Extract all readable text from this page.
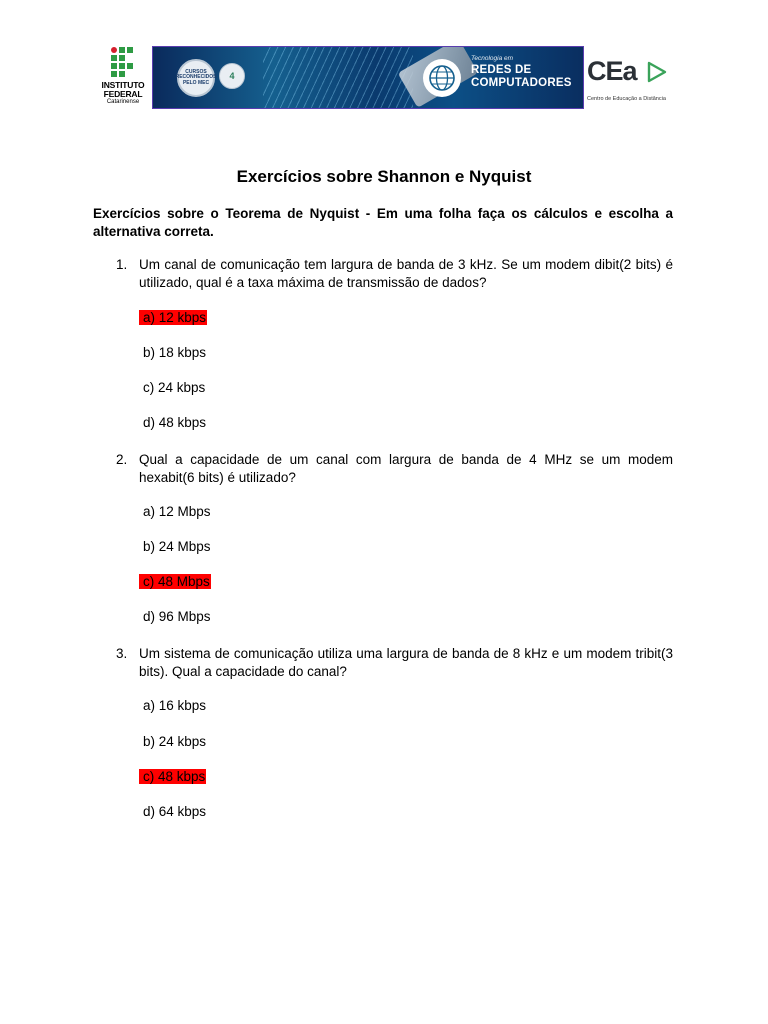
INSTITUTO
FEDERAL
Catarinense
CURSOS RECONHECIDOS PELO MEC
4
Tecnologia em
REDES DE
COMPUTADORES CEa
Centro de Educação a Distância
Exercícios sobre Shannon e Nyquist

Exercícios sobre o Teorema de Nyquist - Em uma folha faça os cálculos e escolha a alternativa correta.

1. Um canal de comunicação tem largura de banda de 3 kHz. Se um modem dibit(2 bits) é utilizado, qual é a taxa máxima de transmissão de dados?

a) 12 kbps

b) 18 kbps

c) 24 kbps

d) 48 kbps

2. Qual a capacidade de um canal com largura de banda de 4 MHz se um modem hexabit(6 bits) é utilizado?

a) 12 Mbps

b) 24 Mbps

c) 48 Mbps

d) 96 Mbps

3. Um sistema de comunicação utiliza uma largura de banda de 8 kHz e um modem tribit(3 bits). Qual a capacidade do canal?

a) 16 kbps

b) 24 kbps

c) 48 kbps

d) 64 kbps
